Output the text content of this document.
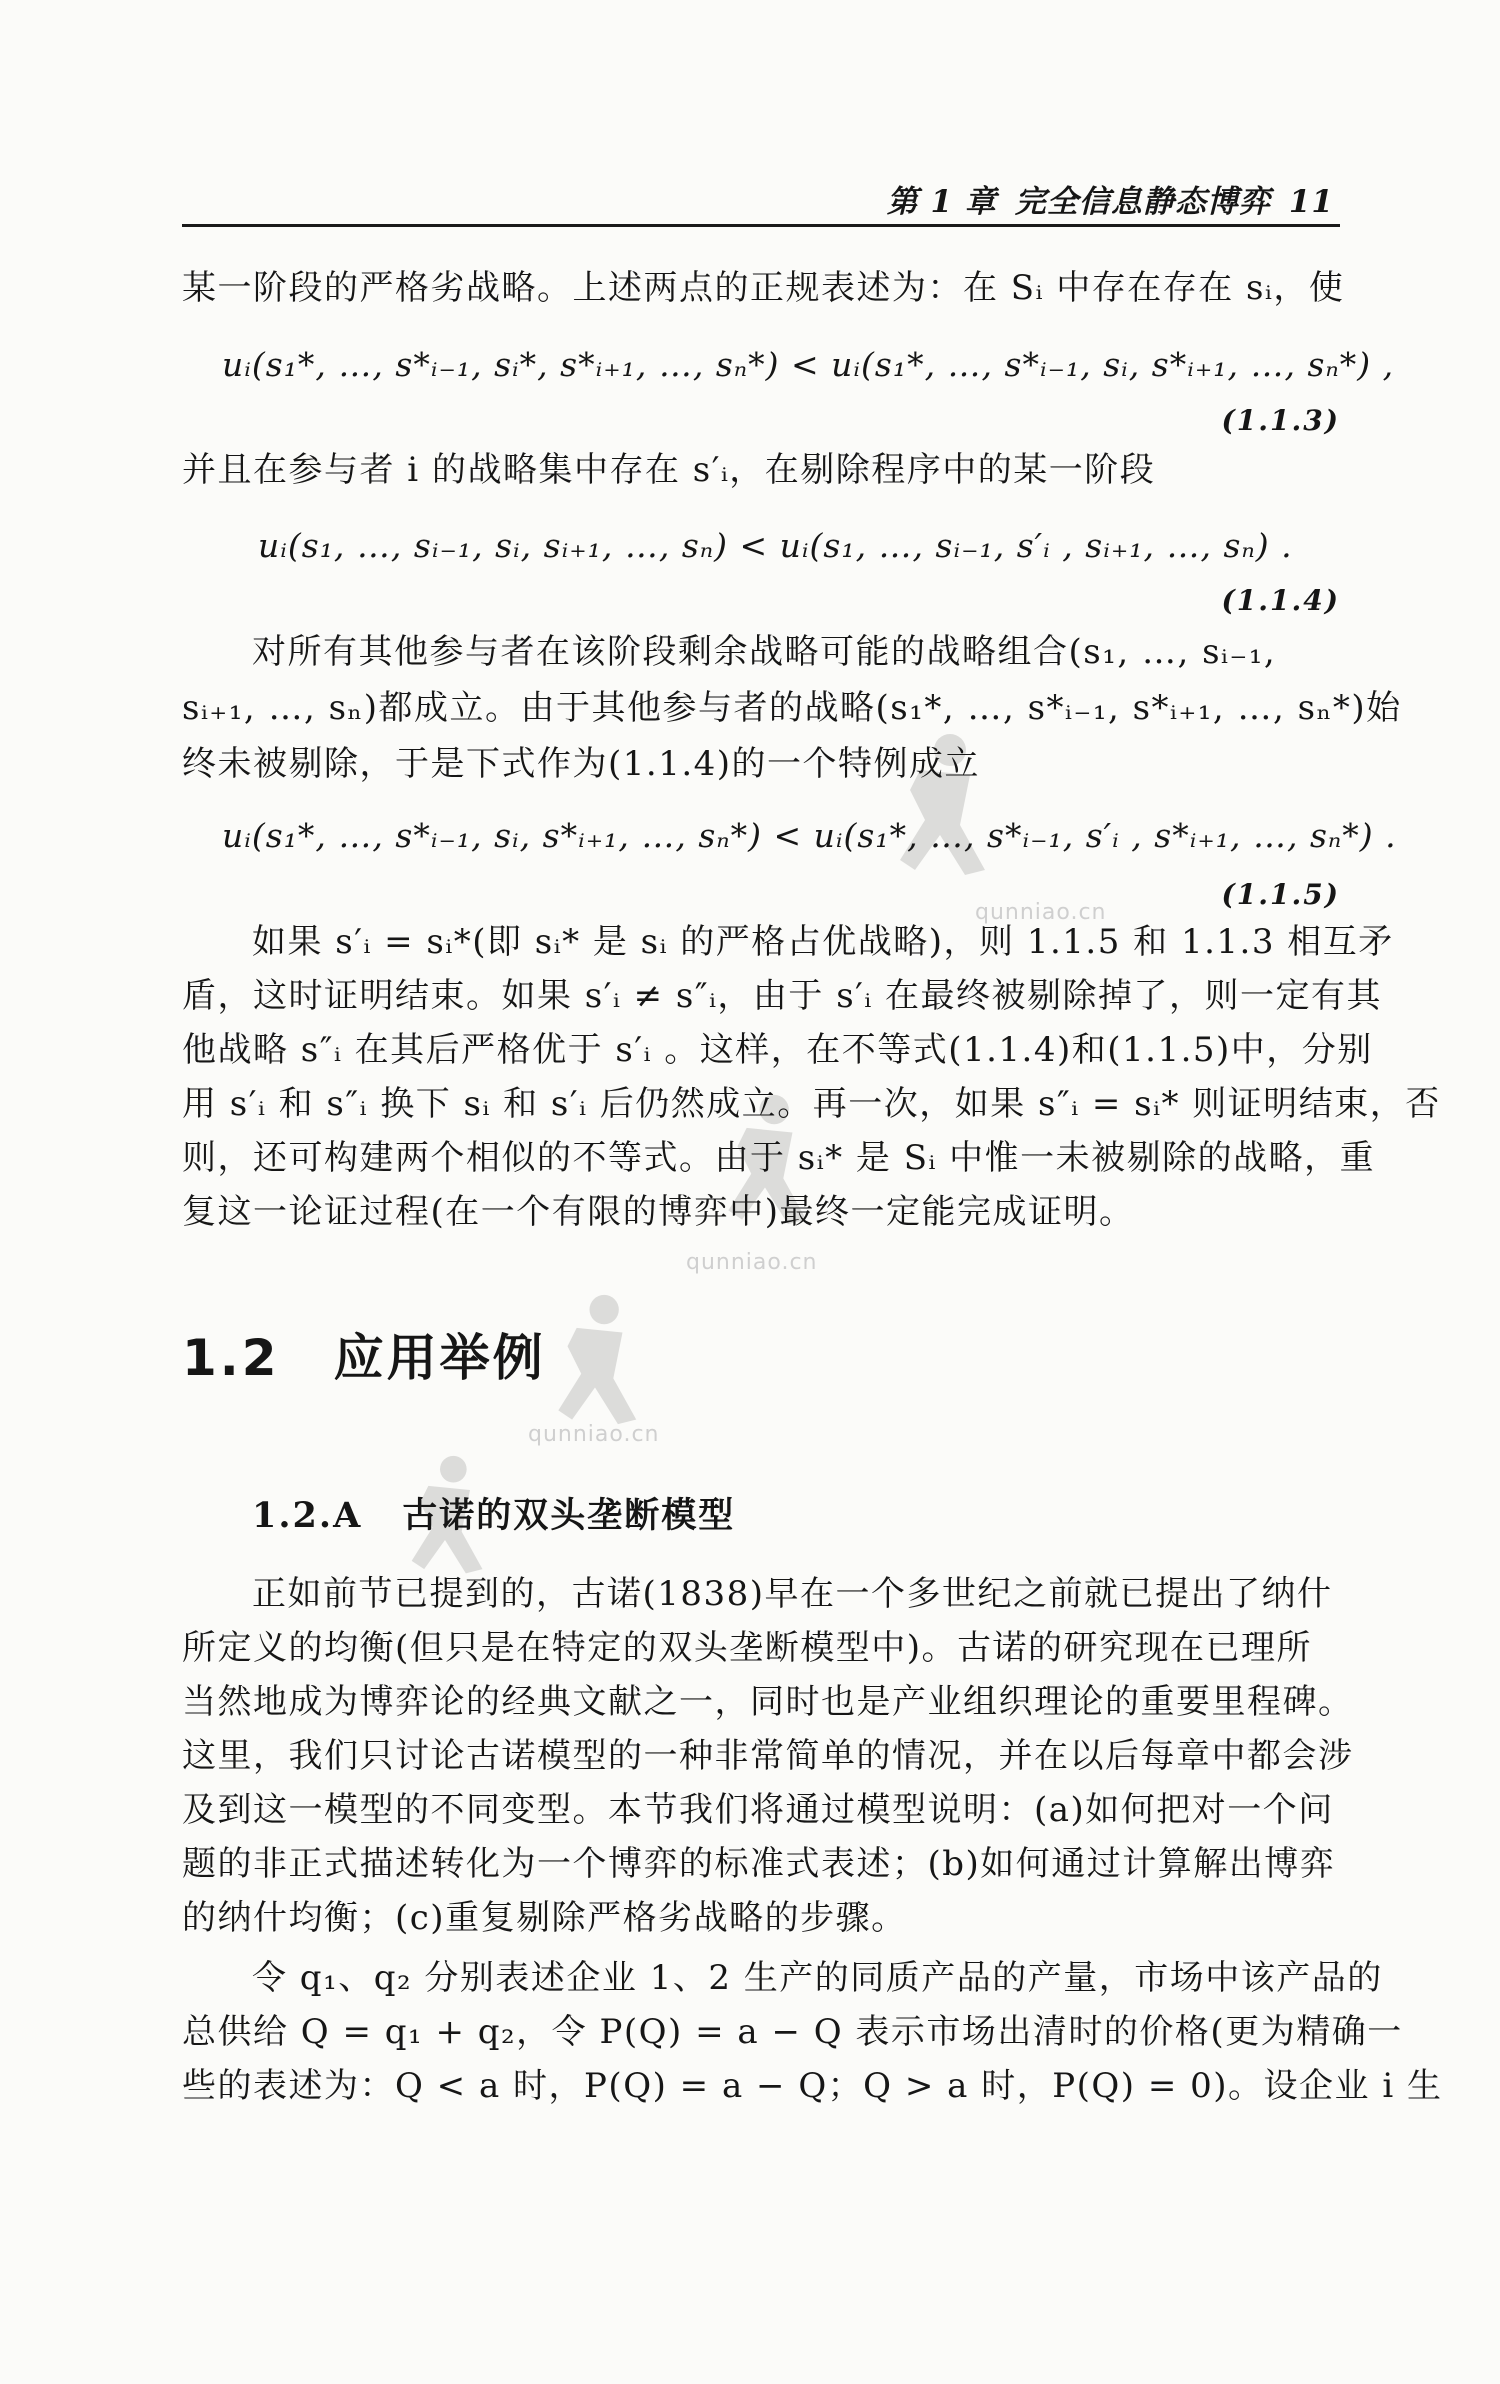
qunniao.cn
qunniao.cn
qunniao.cn
第 1 章 完全信息静态博弈 11
某一阶段的严格劣战略。上述两点的正规表述为：在 Sᵢ 中存在存在 sᵢ，使
uᵢ(s₁*, …, s*ᵢ₋₁, sᵢ*, s*ᵢ₊₁, …, sₙ*) < uᵢ(s₁*, …, s*ᵢ₋₁, sᵢ, s*ᵢ₊₁, …, sₙ*) ,
(1.1.3)
并且在参与者 i 的战略集中存在 s′ᵢ，在剔除程序中的某一阶段
uᵢ(s₁, …, sᵢ₋₁, sᵢ, sᵢ₊₁, …, sₙ) < uᵢ(s₁, …, sᵢ₋₁, s′ᵢ , sᵢ₊₁, …, sₙ) .
(1.1.4)
对所有其他参与者在该阶段剩余战略可能的战略组合(s₁, …, sᵢ₋₁,
sᵢ₊₁, …, sₙ)都成立。由于其他参与者的战略(s₁*, …, s*ᵢ₋₁, s*ᵢ₊₁, …, sₙ*)始
终未被剔除，于是下式作为(1.1.4)的一个特例成立
uᵢ(s₁*, …, s*ᵢ₋₁, sᵢ, s*ᵢ₊₁, …, sₙ*) < uᵢ(s₁*, …, s*ᵢ₋₁, s′ᵢ , s*ᵢ₊₁, …, sₙ*) .
(1.1.5)
如果 s′ᵢ = sᵢ*(即 sᵢ* 是 sᵢ 的严格占优战略)，则 1.1.5 和 1.1.3 相互矛
盾，这时证明结束。如果 s′ᵢ ≠ s″ᵢ，由于 s′ᵢ 在最终被剔除掉了，则一定有其
他战略 s″ᵢ 在其后严格优于 s′ᵢ 。这样，在不等式(1.1.4)和(1.1.5)中，分别
用 s′ᵢ 和 s″ᵢ 换下 sᵢ 和 s′ᵢ 后仍然成立。再一次，如果 s″ᵢ = sᵢ* 则证明结束，否
则，还可构建两个相似的不等式。由于 sᵢ* 是 Sᵢ 中惟一未被剔除的战略，重
复这一论证过程(在一个有限的博弈中)最终一定能完成证明。
1.2 应用举例
1.2.A 古诺的双头垄断模型
正如前节已提到的，古诺(1838)早在一个多世纪之前就已提出了纳什
所定义的均衡(但只是在特定的双头垄断模型中)。古诺的研究现在已理所
当然地成为博弈论的经典文献之一，同时也是产业组织理论的重要里程碑。
这里，我们只讨论古诺模型的一种非常简单的情况，并在以后每章中都会涉
及到这一模型的不同变型。本节我们将通过模型说明：(a)如何把对一个问
题的非正式描述转化为一个博弈的标准式表述；(b)如何通过计算解出博弈
的纳什均衡；(c)重复剔除严格劣战略的步骤。
令 q₁、q₂ 分别表述企业 1、2 生产的同质产品的产量，市场中该产品的
总供给 Q = q₁ + q₂，令 P(Q) = a − Q 表示市场出清时的价格(更为精确一
些的表述为：Q < a 时，P(Q) = a − Q；Q > a 时，P(Q) = 0)。设企业 i 生
